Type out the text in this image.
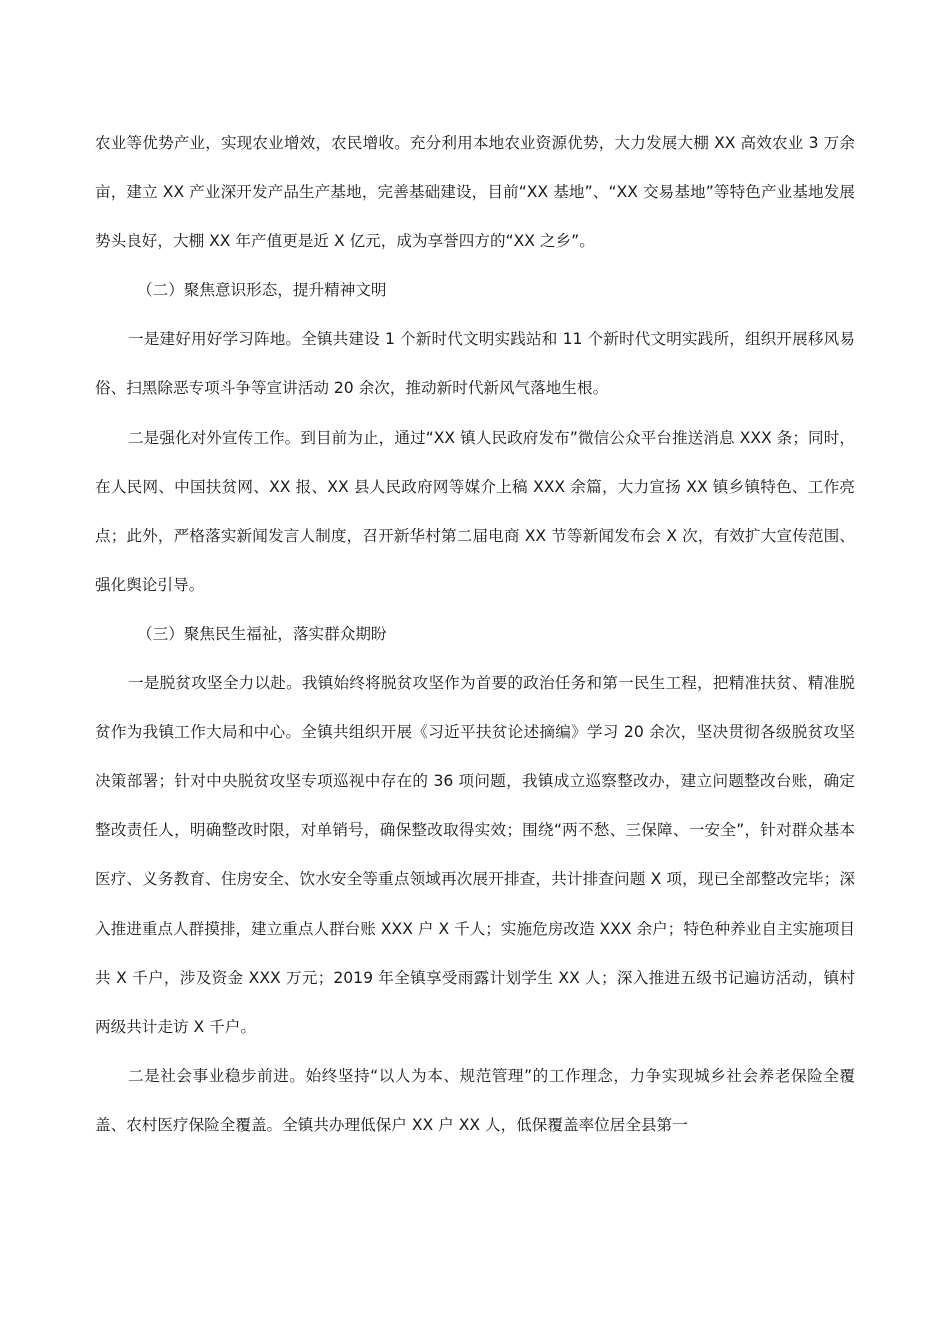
农业等优势产业，实现农业增效，农民增收。充分利用本地农业资源优势，大力发展大棚 XX 高效农业 3 万余亩，建立 XX 产业深开发产品生产基地，完善基础建设，目前“XX 基地”、“XX 交易基地”等特色产业基地发展势头良好，大棚 XX 年产值更是近 X 亿元，成为享誉四方的“XX 之乡”。

（二）聚焦意识形态，提升精神文明

一是建好用好学习阵地。全镇共建设 1 个新时代文明实践站和 11 个新时代文明实践所，组织开展移风易俗、扫黑除恶专项斗争等宣讲活动 20 余次，推动新时代新风气落地生根。

二是强化对外宣传工作。到目前为止，通过“XX 镇人民政府发布”微信公众平台推送消息 XXX 条；同时，在人民网、中国扶贫网、XX 报、XX 县人民政府网等媒介上稿 XXX 余篇，大力宣扬 XX 镇乡镇特色、工作亮点；此外，严格落实新闻发言人制度，召开新华村第二届电商 XX 节等新闻发布会 X 次，有效扩大宣传范围、强化舆论引导。

（三）聚焦民生福祉，落实群众期盼

一是脱贫攻坚全力以赴。我镇始终将脱贫攻坚作为首要的政治任务和第一民生工程，把精准扶贫、精准脱贫作为我镇工作大局和中心。全镇共组织开展《习近平扶贫论述摘编》学习 20 余次，坚决贯彻各级脱贫攻坚决策部署；针对中央脱贫攻坚专项巡视中存在的 36 项问题，我镇成立巡察整改办，建立问题整改台账，确定整改责任人，明确整改时限，对单销号，确保整改取得实效；围绕“两不愁、三保障、一安全”，针对群众基本医疗、义务教育、住房安全、饮水安全等重点领域再次展开排查，共计排查问题 X 项，现已全部整改完毕；深入推进重点人群摸排，建立重点人群台账 XXX 户 X 千人；实施危房改造 XXX 余户；特色种养业自主实施项目共 X 千户，涉及资金 XXX 万元；2019 年全镇享受雨露计划学生 XX 人；深入推进五级书记遍访活动，镇村两级共计走访 X 千户。

二是社会事业稳步前进。始终坚持“以人为本、规范管理”的工作理念，力争实现城乡社会养老保险全覆盖、农村医疗保险全覆盖。全镇共办理低保户 XX 户 XX 人，低保覆盖率位居全县第一
